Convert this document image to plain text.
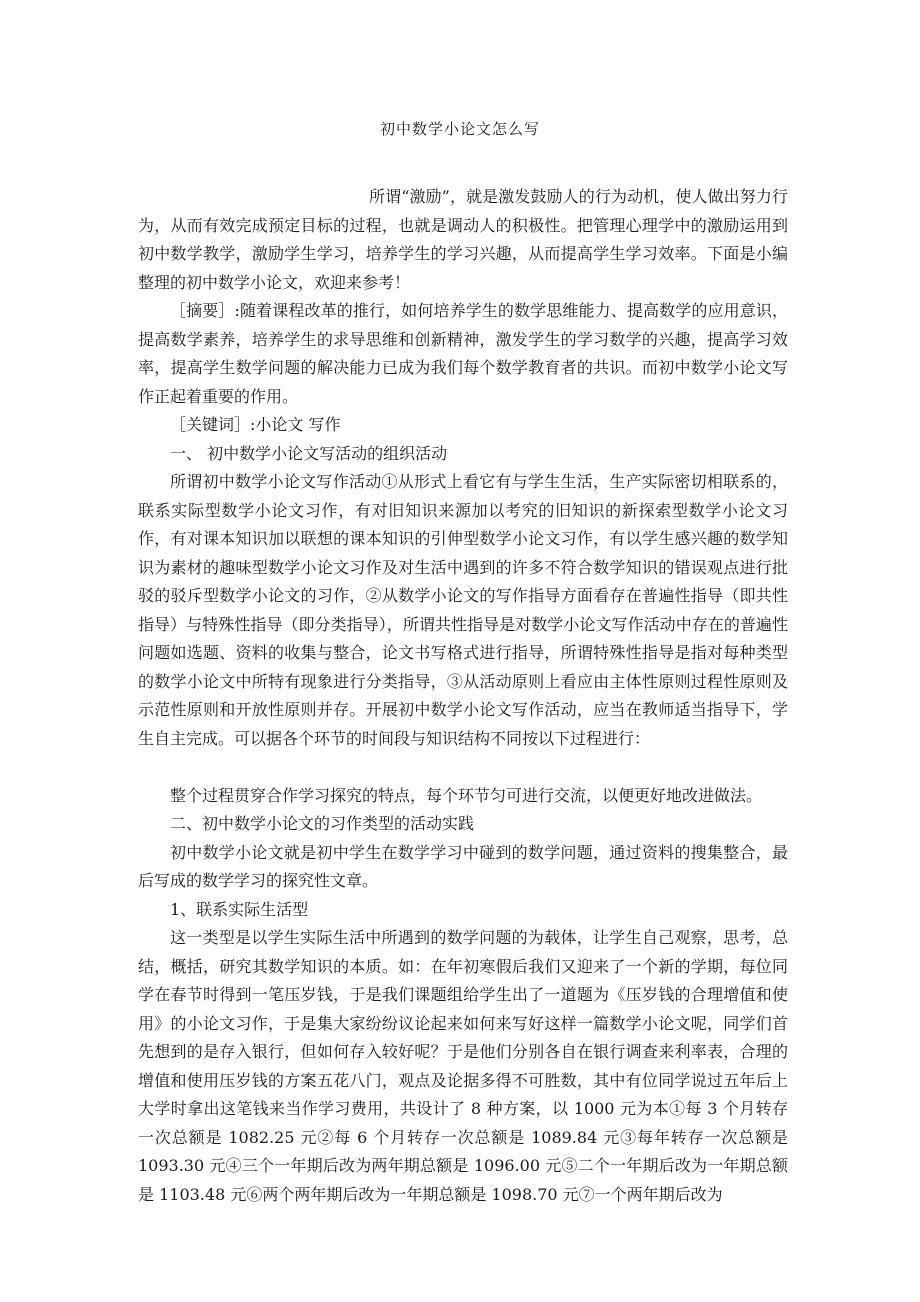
初中数学小论文怎么写

所谓“激励”，就是激发鼓励人的行为动机，使人做出努力行为，从而有效完成预定目标的过程，也就是调动人的积极性。把管理心理学中的激励运用到初中数学教学，激励学生学习，培养学生的学习兴趣，从而提高学生学习效率。下面是小编整理的初中数学小论文，欢迎来参考！

［摘要］:随着课程改革的推行，如何培养学生的数学思维能力、提高数学的应用意识，提高数学素养，培养学生的求导思维和创新精神，激发学生的学习数学的兴趣，提高学习效率，提高学生数学问题的解决能力已成为我们每个数学教育者的共识。而初中数学小论文写作正起着重要的作用。

［关键词］:小论文 写作

一、 初中数学小论文写活动的组织活动

所谓初中数学小论文写作活动①从形式上看它有与学生生活，生产实际密切相联系的，联系实际型数学小论文习作，有对旧知识来源加以考究的旧知识的新探索型数学小论文习作，有对课本知识加以联想的课本知识的引伸型数学小论文习作，有以学生感兴趣的数学知识为素材的趣味型数学小论文习作及对生活中遇到的许多不符合数学知识的错误观点进行批驳的驳斥型数学小论文的习作，②从数学小论文的写作指导方面看存在普遍性指导（即共性指导）与特殊性指导（即分类指导），所谓共性指导是对数学小论文写作活动中存在的普遍性问题如选题、资料的收集与整合，论文书写格式进行指导，所谓特殊性指导是指对每种类型的数学小论文中所特有现象进行分类指导，③从活动原则上看应由主体性原则过程性原则及示范性原则和开放性原则并存。开展初中数学小论文写作活动，应当在教师适当指导下，学生自主完成。可以据各个环节的时间段与知识结构不同按以下过程进行：

整个过程贯穿合作学习探究的特点，每个环节匀可进行交流，以便更好地改进做法。

二、初中数学小论文的习作类型的活动实践

初中数学小论文就是初中学生在数学学习中碰到的数学问题，通过资料的搜集整合，最后写成的数学学习的探究性文章。

1、联系实际生活型

这一类型是以学生实际生活中所遇到的数学问题的为载体，让学生自己观察，思考，总结，概括，研究其数学知识的本质。如：在年初寒假后我们又迎来了一个新的学期，每位同学在春节时得到一笔压岁钱，于是我们课题组给学生出了一道题为《压岁钱的合理增值和使用》的小论文习作，于是集大家纷纷议论起来如何来写好这样一篇数学小论文呢，同学们首先想到的是存入银行，但如何存入较好呢？于是他们分别各自在银行调查来利率表，合理的增值和使用压岁钱的方案五花八门，观点及论据多得不可胜数，其中有位同学说过五年后上大学时拿出这笔钱来当作学习费用，共设计了 8 种方案，以 1000 元为本①每 3 个月转存一次总额是 1082.25 元②每 6 个月转存一次总额是 1089.84 元③每年转存一次总额是 1093.30 元④三个一年期后改为两年期总额是 1096.00 元⑤二个一年期后改为一年期总额是 1103.48 元⑥两个两年期后改为一年期总额是 1098.70 元⑦一个两年期后改为
